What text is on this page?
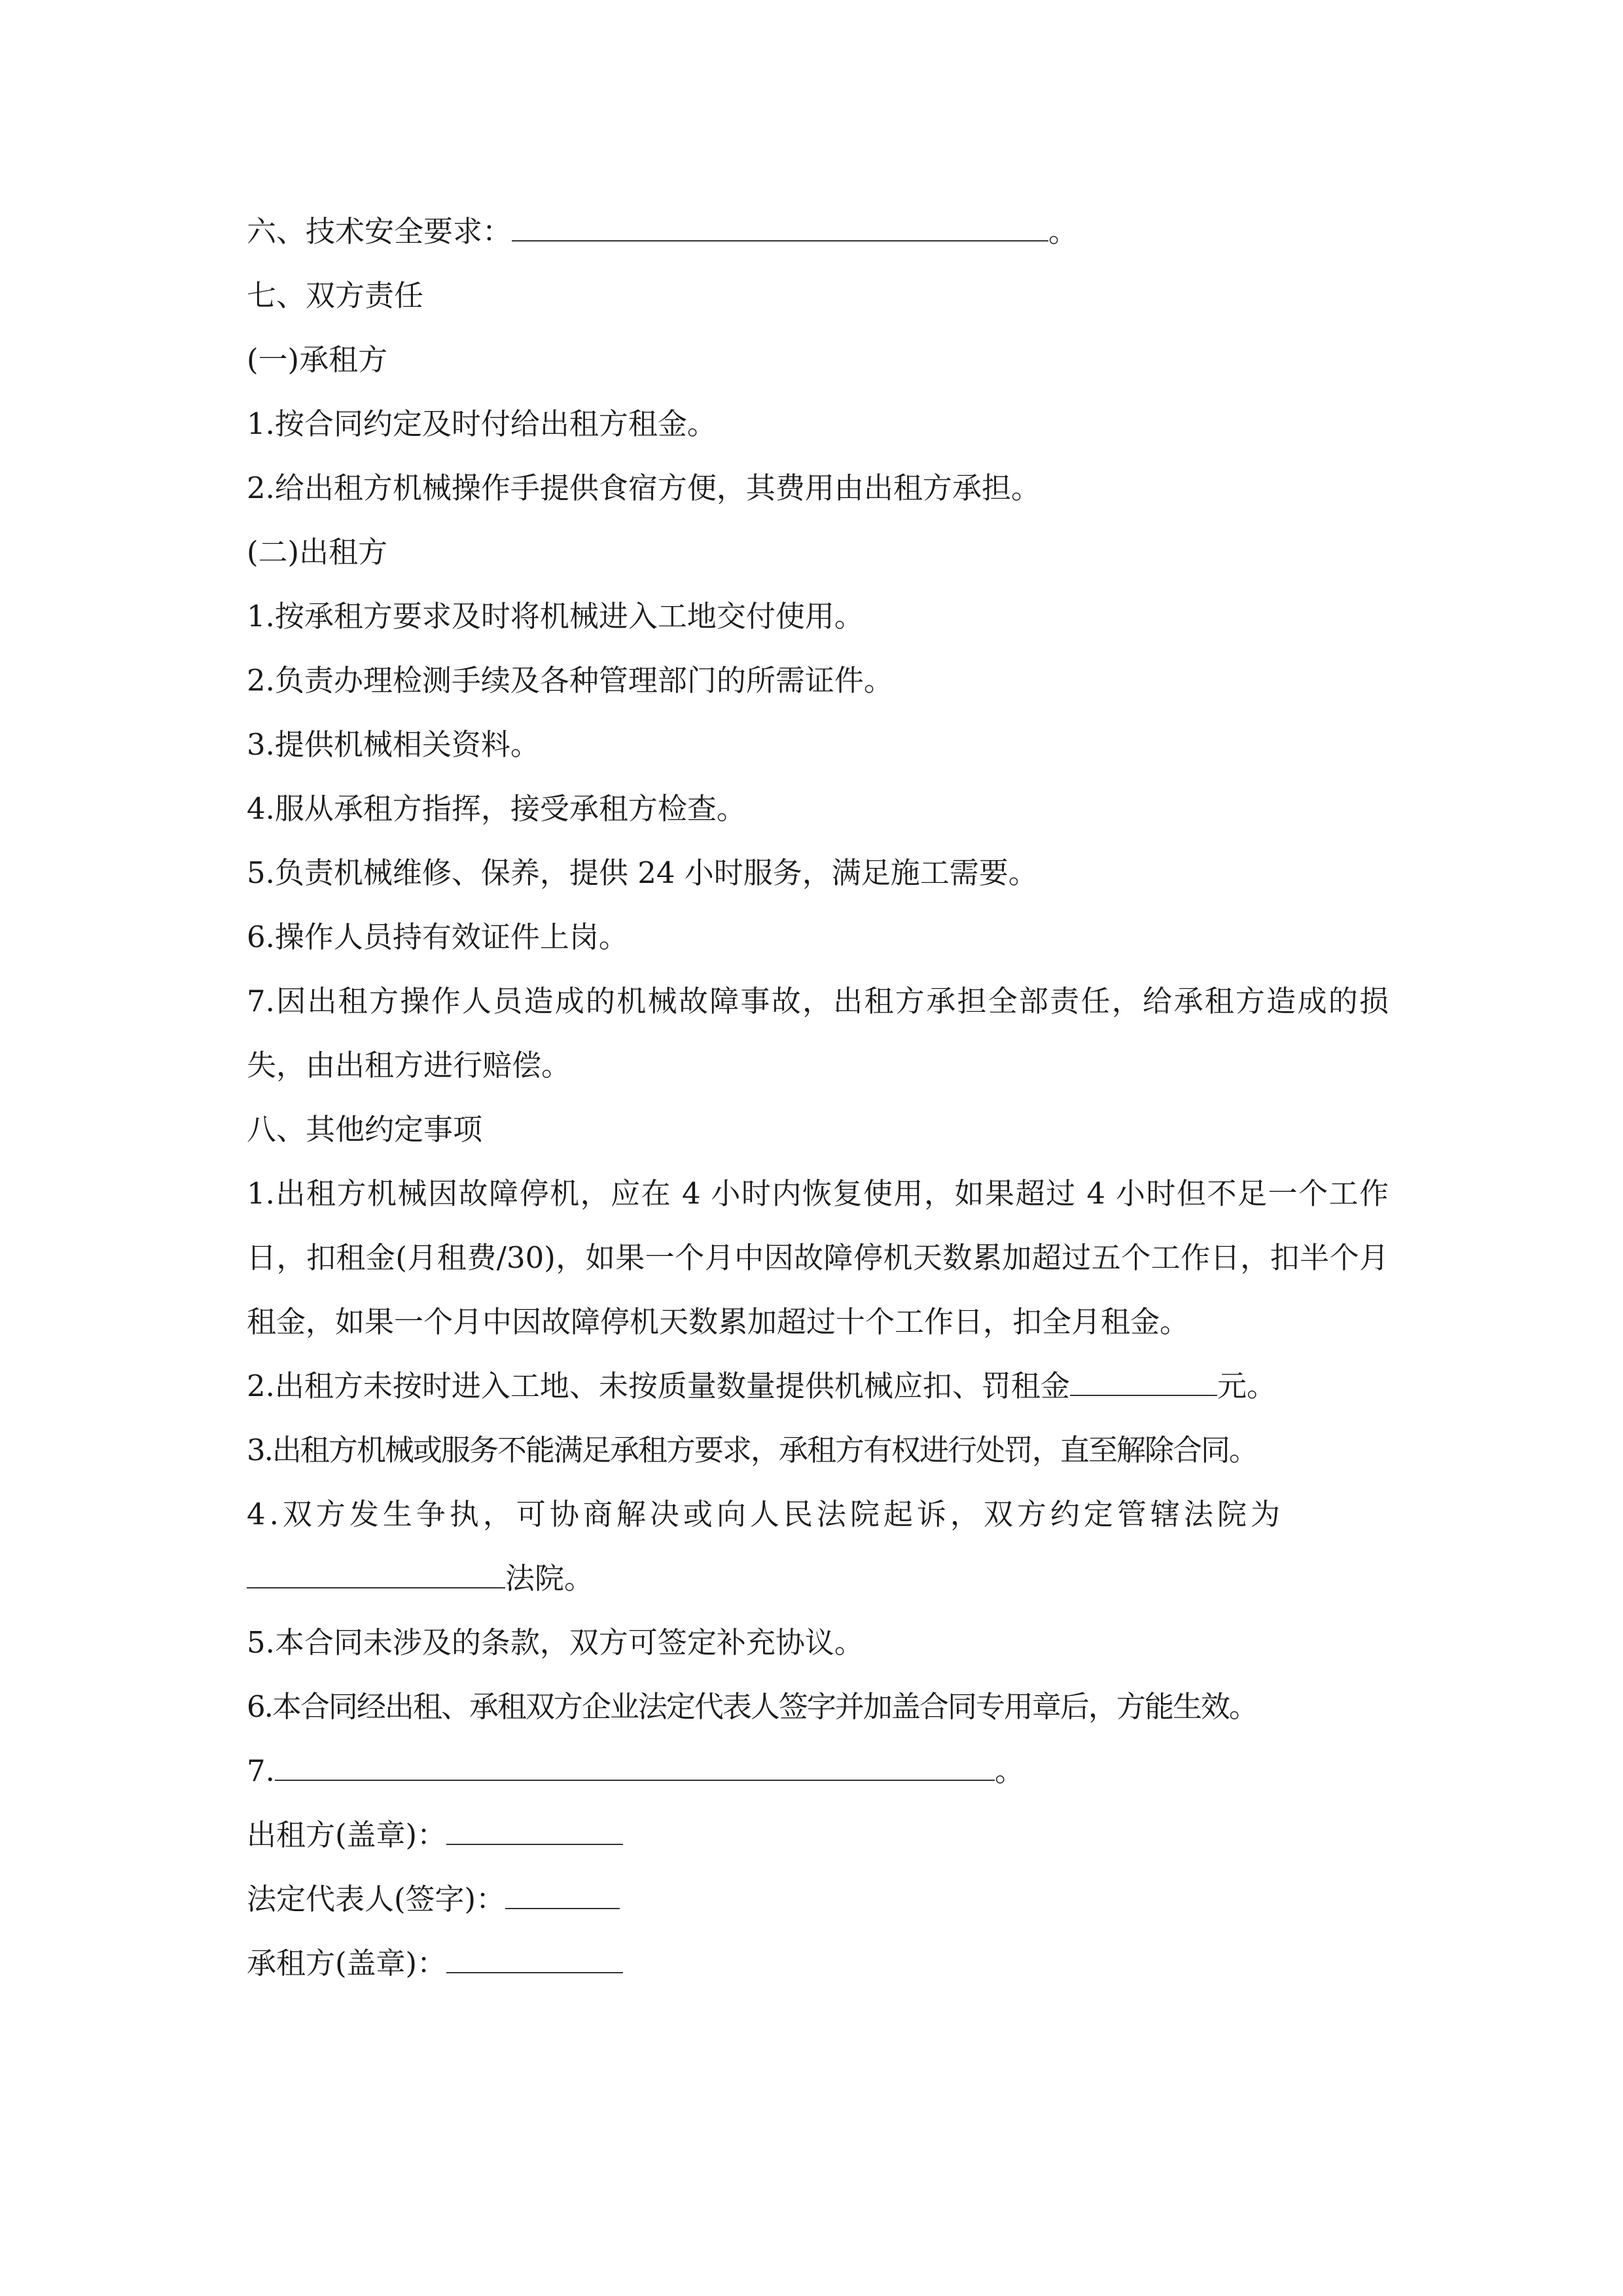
六、技术安全要求：	。
七、双方责任
(一)承租方
1.按合同约定及时付给出租方租金。
2.给出租方机械操作手提供食宿方便，其费用由出租方承担。
(二)出租方
1.按承租方要求及时将机械进入工地交付使用。
2.负责办理检测手续及各种管理部门的所需证件。
3.提供机械相关资料。
4.服从承租方指挥，接受承租方检查。
5.负责机械维修、保养，提供 24 小时服务，满足施工需要。
6.操作人员持有效证件上岗。
7.因出租方操作人员造成的机械故障事故，出租方承担全部责任，给承租方造成的损失，由出租方进行赔偿。
八、其他约定事项
1.出租方机械因故障停机，应在 4 小时内恢复使用，如果超过 4 小时但不足一个工作日，扣租金(月租费/30)，如果一个月中因故障停机天数累加超过五个工作日，扣半个月租金，如果一个月中因故障停机天数累加超过十个工作日，扣全月租金。
2.出租方未按时进入工地、未按质量数量提供机械应扣、罚租金	元。
3.出租方机械或服务不能满足承租方要求，承租方有权进行处罚，直至解除合同。
4.双方发生争执，可协商解决或向人民法院起诉，双方约定管辖法院为
法院。
5.本合同未涉及的条款，双方可签定补充协议。
6.本合同经出租、承租双方企业法定代表人签字并加盖合同专用章后，方能生效。
7.	。
出租方(盖章)：
法定代表人(签字)：
承租方(盖章)：
